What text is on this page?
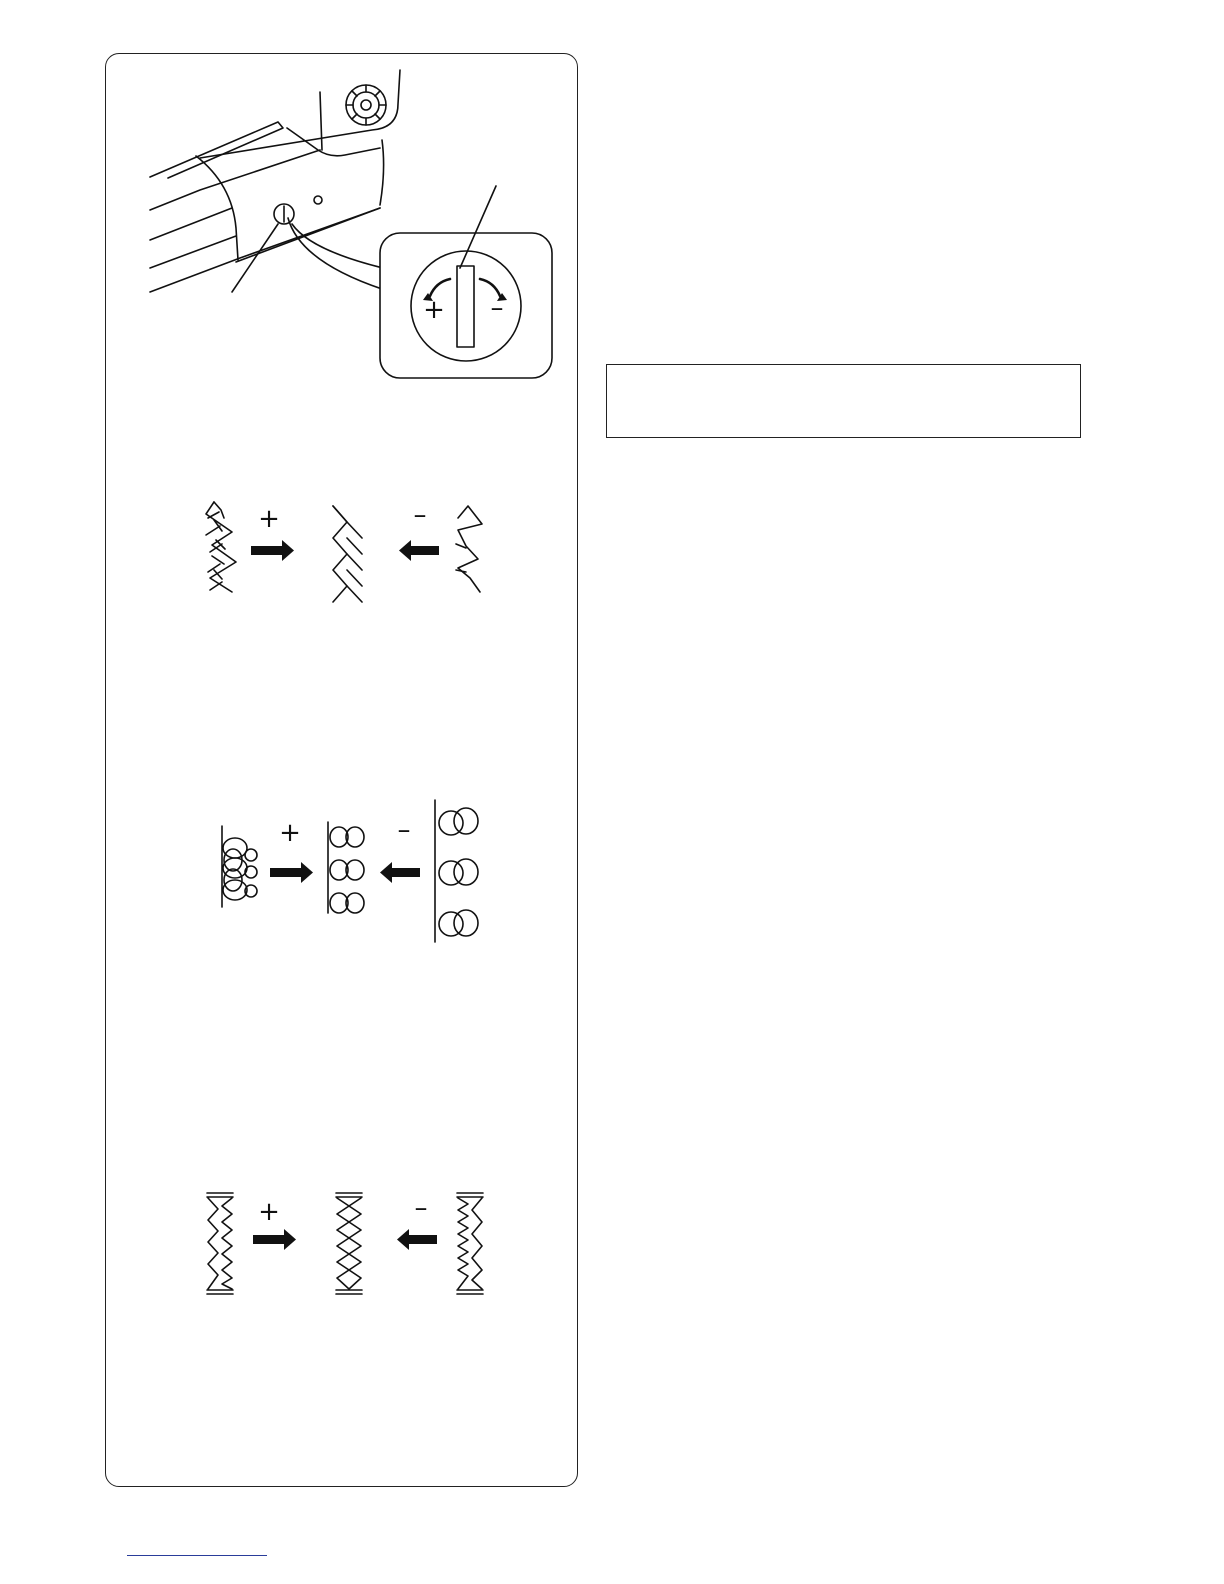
+ –
+	–
+	–
+	–
